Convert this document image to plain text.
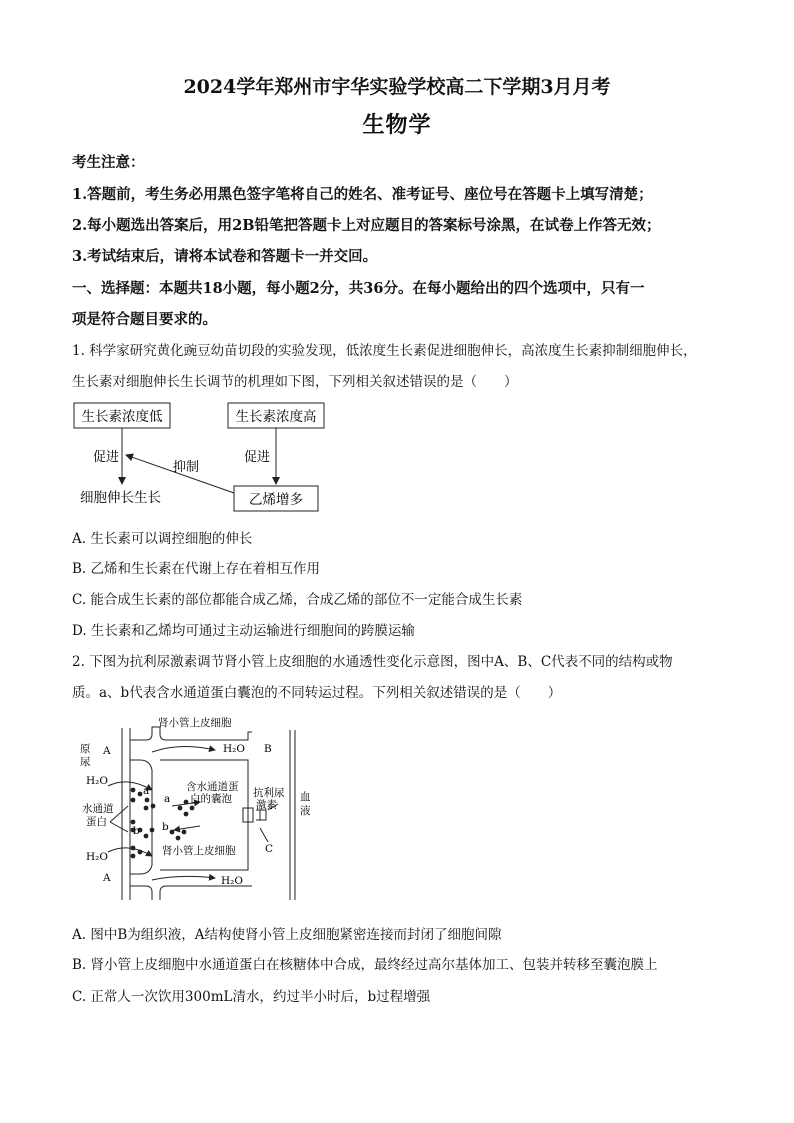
2024学年郑州市宇华实验学校高二下学期3月月考
生物学
考生注意：
1.答题前，考生务必用黑色签字笔将自己的姓名、准考证号、座位号在答题卡上填写清楚；
2.每小题选出答案后，用2B铅笔把答题卡上对应题目的答案标号涂黑，在试卷上作答无效；
3.考试结束后，请将本试卷和答题卡一并交回。
一、选择题：本题共18小题，每小题2分，共36分。在每小题给出的四个选项中，只有一
项是符合题目要求的。
1. 科学家研究黄化豌豆幼苗切段的实验发现，低浓度生长素促进细胞伸长，高浓度生长素抑制细胞伸长，
生长素对细胞伸长生长调节的机理如下图，下列相关叙述错误的是（　　）
生长素浓度低	生长素浓度高
促进	促进
抑制
细胞伸长生长	乙烯增多
A. 生长素可以调控细胞的伸长
B. 乙烯和生长素在代谢上存在着相互作用
C. 能合成生长素的部位都能合成乙烯，合成乙烯的部位不一定能合成生长素
D. 生长素和乙烯均可通过主动运输进行细胞间的跨膜运输
2. 下图为抗利尿激素调节肾小管上皮细胞的水通透性变化示意图，图中A、B、C代表不同的结构或物
质。a、b代表含水通道蛋白囊泡的不同转运过程。下列相关叙述错误的是（　　）
肾小管上皮细胞
原
尿
A
A
B
C
H₂O
H₂O
H₂O
H₂O
a
a
b b
水通道
蛋白
含水通道蛋
白的囊泡 抗利尿
激素
血
液
肾小管上皮细胞
A. 图中B为组织液，A结构使肾小管上皮细胞紧密连接而封闭了细胞间隙
B. 肾小管上皮细胞中水通道蛋白在核糖体中合成，最终经过高尔基体加工、包装并转移至囊泡膜上
C. 正常人一次饮用300mL清水，约过半小时后，b过程增强
